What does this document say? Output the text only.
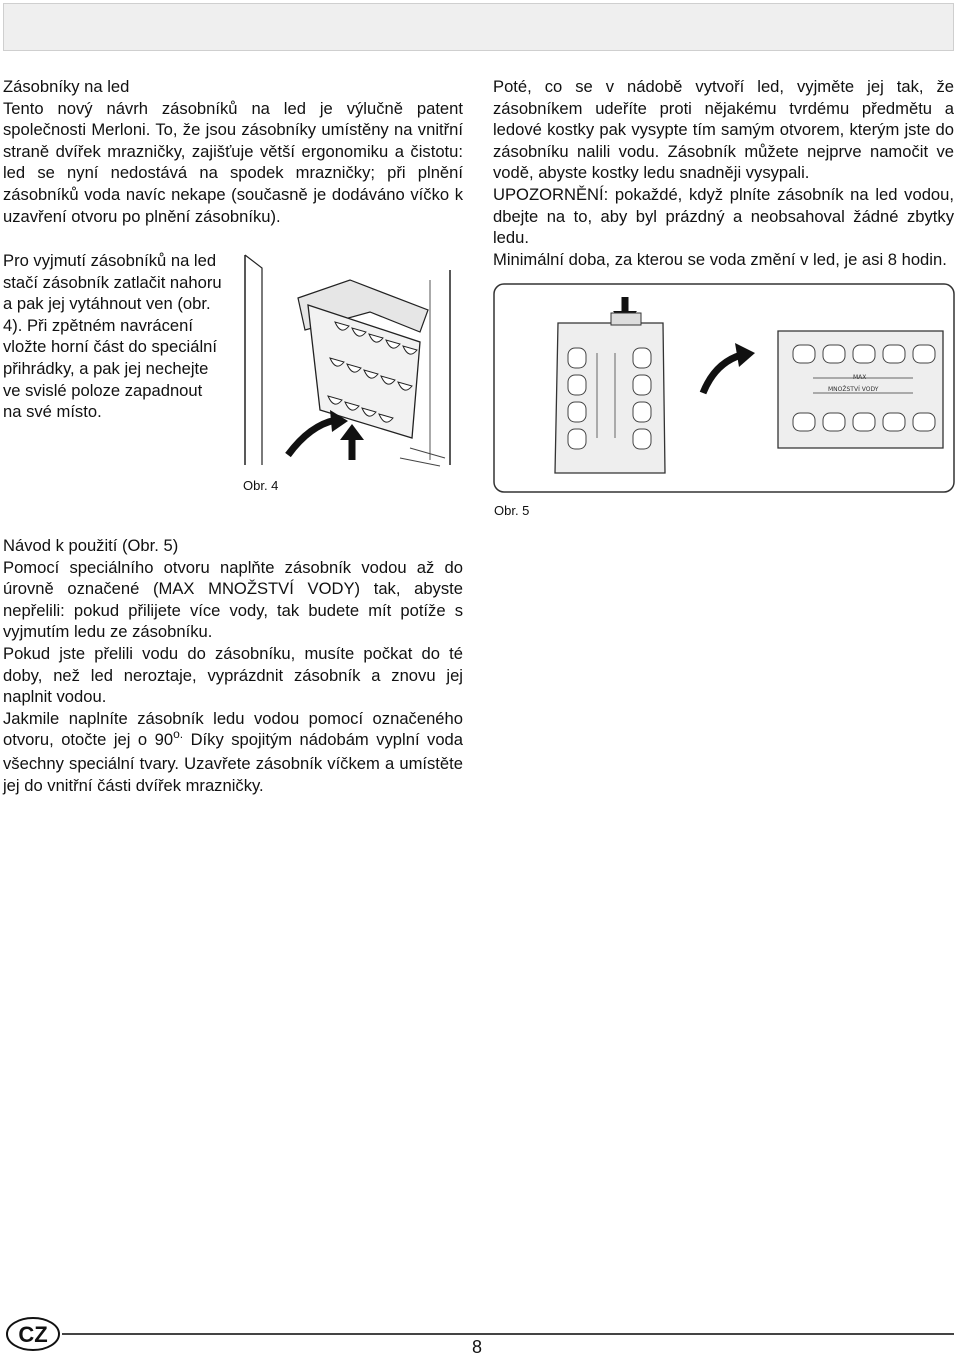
Zásobníky na led

Tento nový návrh zásobníků na led je výlučně patent společnosti Merloni. To, že jsou zásobníky umístěny na vnitřní straně dvířek mrazničky, zajišťuje větší ergonomiku a čistotu: led se nyní nedostává na spodek mrazničky; při plnění zásobníků voda navíc nekape (současně je dodáváno víčko k uzavření otvoru po plnění zásobníku).

Pro vyjmutí zásobníků na led stačí zásobník zatlačit nahoru a pak jej vytáhnout ven (obr. 4). Při zpětném navrácení vložte horní část do speciální přihrádky, a pak jej nechejte ve svislé poloze zapadnout na své místo.

Poté, co se v nádobě vytvoří led, vyjměte jej tak, že zásobníkem udeříte proti nějakému tvrdému předmětu a ledové kostky pak vysypte tím samým otvorem, kterým jste do zásobníku nalili vodu. Zásobník můžete nejprve namočit ve vodě, abyste kostky ledu snadněji vysypali.

UPOZORNĚNÍ: pokaždé, když plníte zásobník na led vodou, dbejte na to, aby byl prázdný a neobsahoval žádné zbytky ledu.

Minimální doba, za kterou se voda změní v led, je asi 8 hodin.

Obr. 4
MAX
MNOŽSTVÍ VODY
Obr. 5

Návod k použití (Obr. 5)

Pomocí speciálního otvoru naplňte zásobník vodou až do úrovně označené (MAX MNOŽSTVÍ VODY) tak, abyste nepřelili: pokud přilijete více vody, tak budete mít potíže s vyjmutím ledu ze zásobníku.

Pokud jste přelili vodu do zásobníku, musíte počkat do té doby, než led neroztaje, vyprázdnit zásobník a znovu jej naplnit vodou.

Jakmile naplníte zásobník ledu vodou pomocí označeného otvoru, otočte jej o $90^{o.}$ Díky spojitým nádobám vyplní voda všechny speciální tvary. Uzavřete zásobník víčkem a umístěte jej do vnitřní části dvířek mrazničky.

CZ	8
